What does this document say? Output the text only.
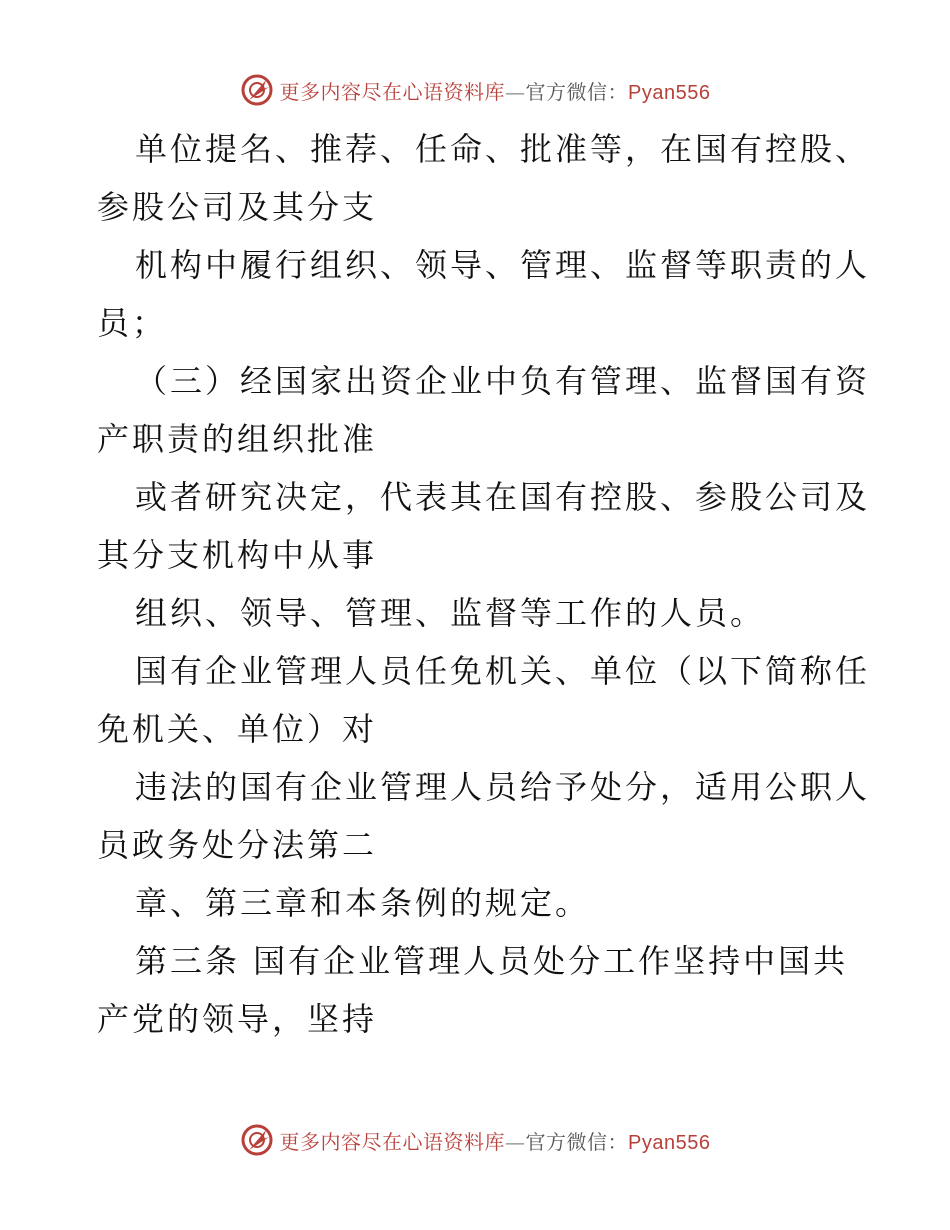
更多内容尽在心语资料库—官方微信：Pyan556
单位提名、推荐、任命、批准等，在国有控股、
参股公司及其分支
机构中履行组织、领导、管理、监督等职责的人
员；
（三）经国家出资企业中负有管理、监督国有资
产职责的组织批准
或者研究决定，代表其在国有控股、参股公司及
其分支机构中从事
组织、领导、管理、监督等工作的人员。
国有企业管理人员任免机关、单位（以下简称任
免机关、单位）对
违法的国有企业管理人员给予处分，适用公职人
员政务处分法第二
章、第三章和本条例的规定。
第三条 国有企业管理人员处分工作坚持中国共
产党的领导，坚持
更多内容尽在心语资料库—官方微信：Pyan556
